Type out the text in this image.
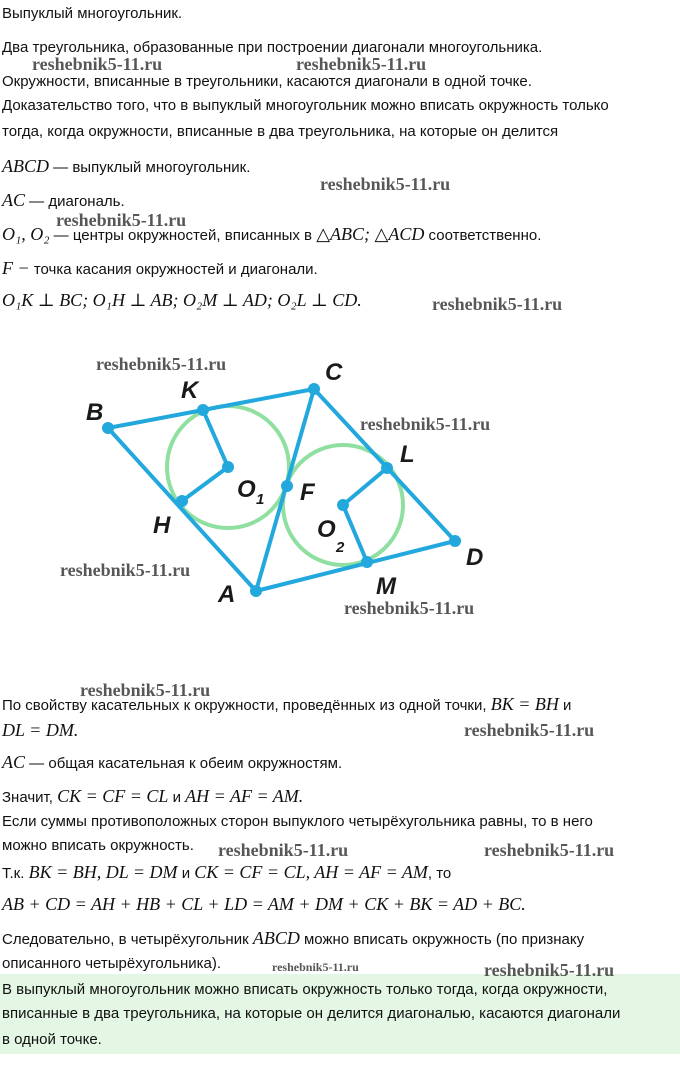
Выпуклый многоугольник.
Два треугольника, образованные при построении диагонали многоугольника.
Окружности, вписанные в треугольники, касаются диагонали в одной точке.
Доказательство того, что в выпуклый многоугольник можно вписать окружность только
тогда, когда окружности, вписанные в два треугольника, на которые он делится
ABCD — выпуклый многоугольник.
AC — диагональ.
O₁, O₂ — центры окружностей, вписанных в △ABC; △ACD соответственно.
F − точка касания окружностей и диагонали.
O₁K ⊥ BC; O₁H ⊥ AB; O₂M ⊥ AD; O₂L ⊥ CD.
B
K
C
L
F
H
D
M
A
O 1
O
2
По свойству касательных к окружности, проведённых из одной точки, BK = BH и
DL = DM.
AC — общая касательная к обеим окружностям.
Значит, CK = CF = CL и AH = AF = AM.
Если суммы противоположных сторон выпуклого четырёхугольника равны, то в него
можно вписать окружность.
Т.к. BK = BH, DL = DM и CK = CF = CL, AH = AF = AM, то
AB + CD = AH + HB + CL + LD = AM + DM + CK + BK = AD + BC.
Следовательно, в четырёхугольник ABCD можно вписать окружность (по признаку
описанного четырёхугольника).
В выпуклый многоугольник можно вписать окружность только тогда, когда окружности,
вписанные в два треугольника, на которые он делится диагональю, касаются диагонали
в одной точке.
reshebnik5-11.ru	reshebnik5-11.ru
reshebnik5-11.ru
reshebnik5-11.ru
reshebnik5-11.ru
reshebnik5-11.ru
reshebnik5-11.ru
reshebnik5-11.ru
reshebnik5-11.ru
reshebnik5-11.ru
reshebnik5-11.ru
reshebnik5-11.ru	reshebnik5-11.ru
reshebnik5-11.ru	reshebnik5-11.ru
